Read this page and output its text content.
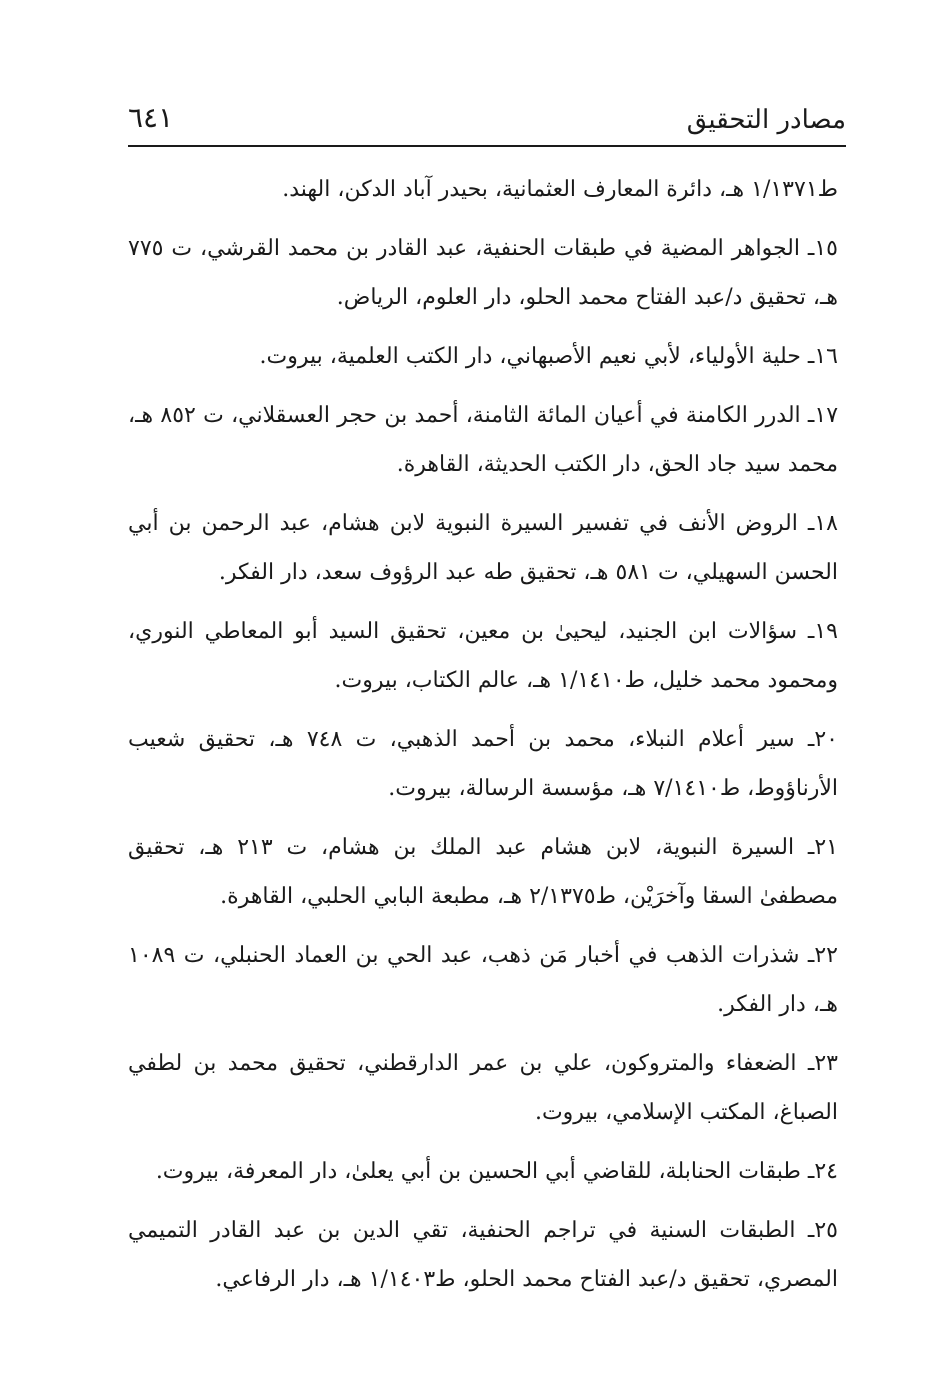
مصادر التحقيق
٦٤١

ط١/١٣٧١ هـ، دائرة المعارف العثمانية، بحيدر آباد الدكن، الهند.

١٥ـ الجواهر المضية في طبقات الحنفية، عبد القادر بن محمد القرشي، ت ٧٧٥ هـ، تحقيق د/عبد الفتاح محمد الحلو، دار العلوم، الرياض.

١٦ـ حلية الأولياء، لأبي نعيم الأصبهاني، دار الكتب العلمية، بيروت.

١٧ـ الدرر الكامنة في أعيان المائة الثامنة، أحمد بن حجر العسقلاني، ت ٨٥٢ هـ، محمد سيد جاد الحق، دار الكتب الحديثة، القاهرة.

١٨ـ الروض الأنف في تفسير السيرة النبوية لابن هشام، عبد الرحمن بن أبي الحسن السهيلي، ت ٥٨١ هـ، تحقيق طه عبد الرؤوف سعد، دار الفكر.

١٩ـ سؤالات ابن الجنيد، ليحيىٰ بن معين، تحقيق السيد أبو المعاطي النوري، ومحمود محمد خليل، ط١/١٤١٠ هـ، عالم الكتاب، بيروت.

٢٠ـ سير أعلام النبلاء، محمد بن أحمد الذهبي، ت ٧٤٨ هـ، تحقيق شعيب الأرناؤوط، ط٧/١٤١٠ هـ، مؤسسة الرسالة، بيروت.

٢١ـ السيرة النبوية، لابن هشام عبد الملك بن هشام، ت ٢١٣ هـ، تحقيق مصطفىٰ السقا وآخرَيْن، ط٢/١٣٧٥ هـ، مطبعة البابي الحلبي، القاهرة.

٢٢ـ شذرات الذهب في أخبار مَن ذهب، عبد الحي بن العماد الحنبلي، ت ١٠٨٩ هـ، دار الفكر.

٢٣ـ الضعفاء والمتروكون، علي بن عمر الدارقطني، تحقيق محمد بن لطفي الصباغ، المكتب الإسلامي، بيروت.

٢٤ـ طبقات الحنابلة، للقاضي أبي الحسين بن أبي يعلىٰ، دار المعرفة، بيروت.

٢٥ـ الطبقات السنية في تراجم الحنفية، تقي الدين بن عبد القادر التميمي المصري، تحقيق د/عبد الفتاح محمد الحلو، ط١/١٤٠٣ هـ، دار الرفاعي.
